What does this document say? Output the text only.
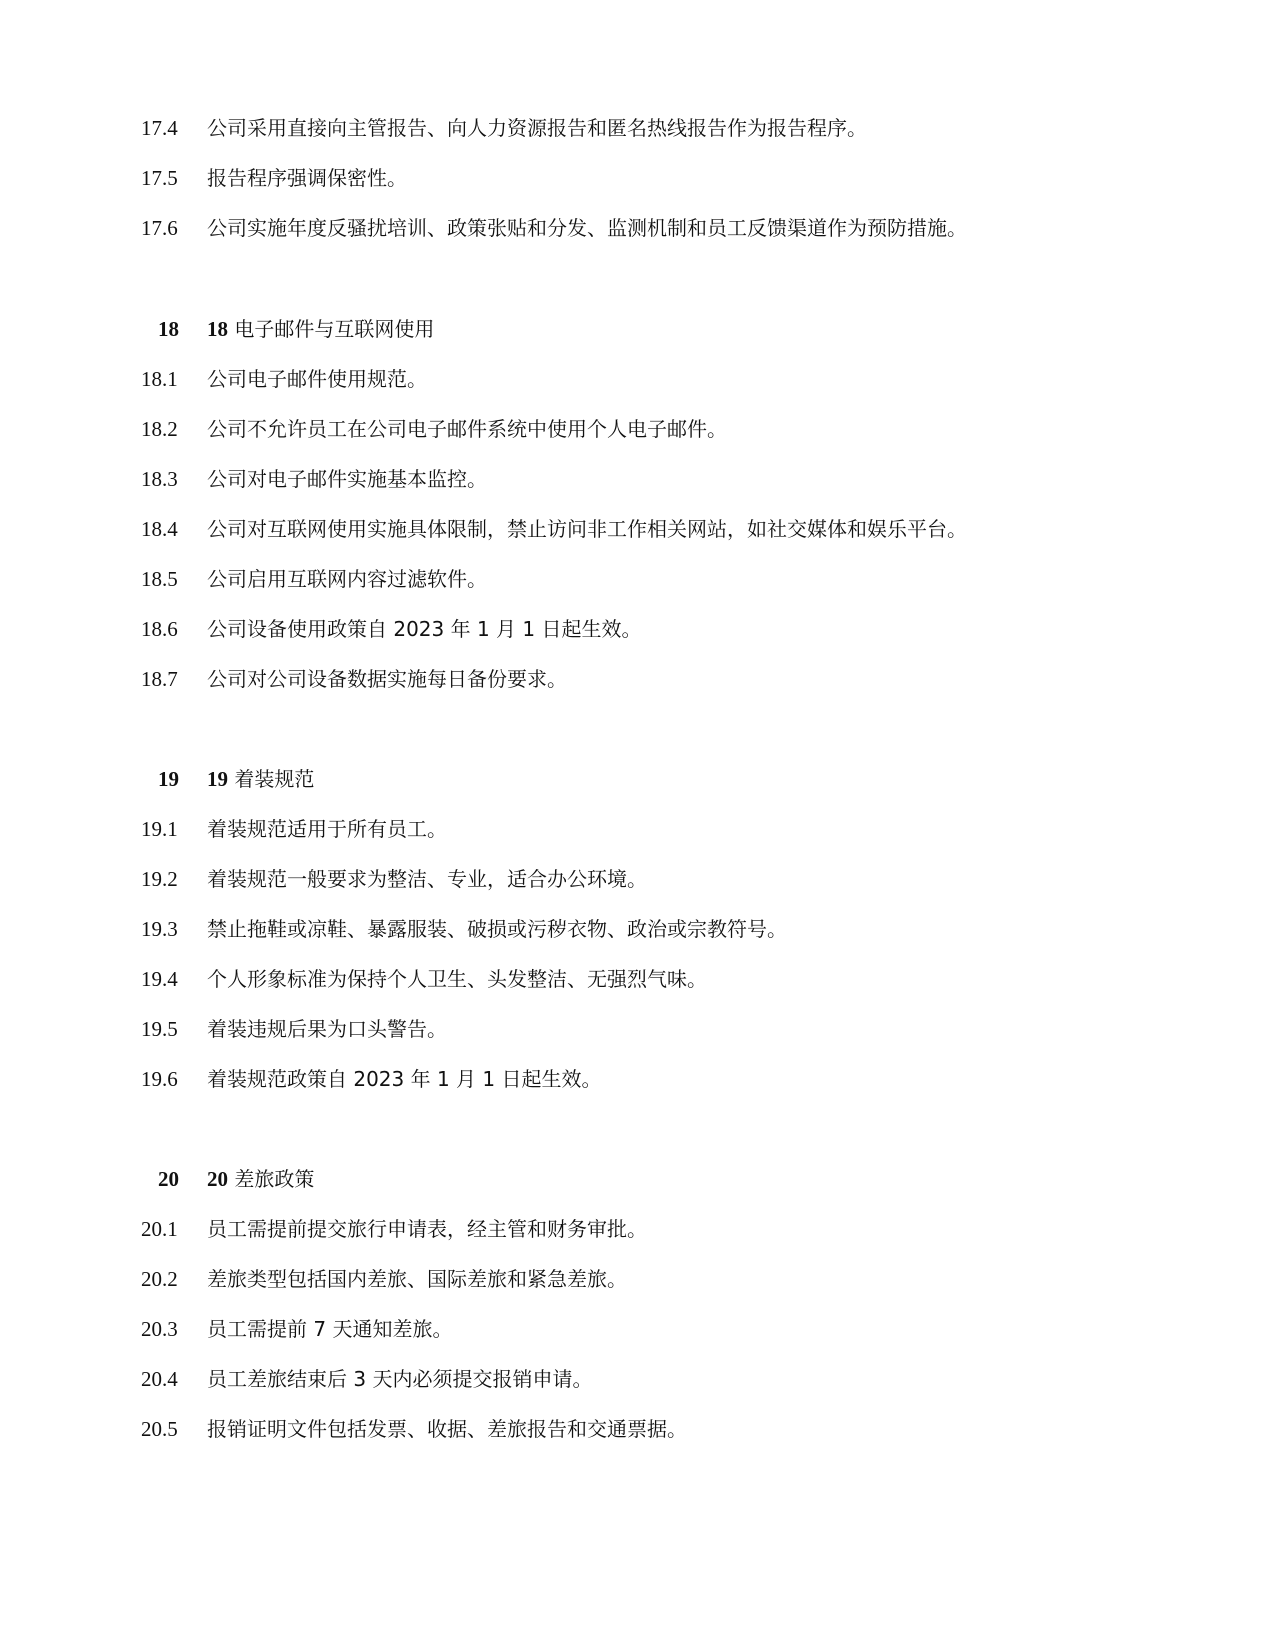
17.4	公司采用直接向主管报告、向人力资源报告和匿名热线报告作为报告程序。
17.5	报告程序强调保密性。
17.6	公司实施年度反骚扰培训、政策张贴和分发、监测机制和员工反馈渠道作为预防措施。
18	18 电子邮件与互联网使用
18.1	公司电子邮件使用规范。
18.2	公司不允许员工在公司电子邮件系统中使用个人电子邮件。
18.3	公司对电子邮件实施基本监控。
18.4	公司对互联网使用实施具体限制，禁止访问非工作相关网站，如社交媒体和娱乐平台。
18.5	公司启用互联网内容过滤软件。
18.6	公司设备使用政策自 2023 年 1 月 1 日起生效。
18.7	公司对公司设备数据实施每日备份要求。
19	19 着装规范
19.1	着装规范适用于所有员工。
19.2	着装规范一般要求为整洁、专业，适合办公环境。
19.3	禁止拖鞋或凉鞋、暴露服装、破损或污秽衣物、政治或宗教符号。
19.4	个人形象标准为保持个人卫生、头发整洁、无强烈气味。
19.5	着装违规后果为口头警告。
19.6	着装规范政策自 2023 年 1 月 1 日起生效。
20	20 差旅政策
20.1	员工需提前提交旅行申请表，经主管和财务审批。
20.2	差旅类型包括国内差旅、国际差旅和紧急差旅。
20.3	员工需提前 7 天通知差旅。
20.4	员工差旅结束后 3 天内必须提交报销申请。
20.5	报销证明文件包括发票、收据、差旅报告和交通票据。
